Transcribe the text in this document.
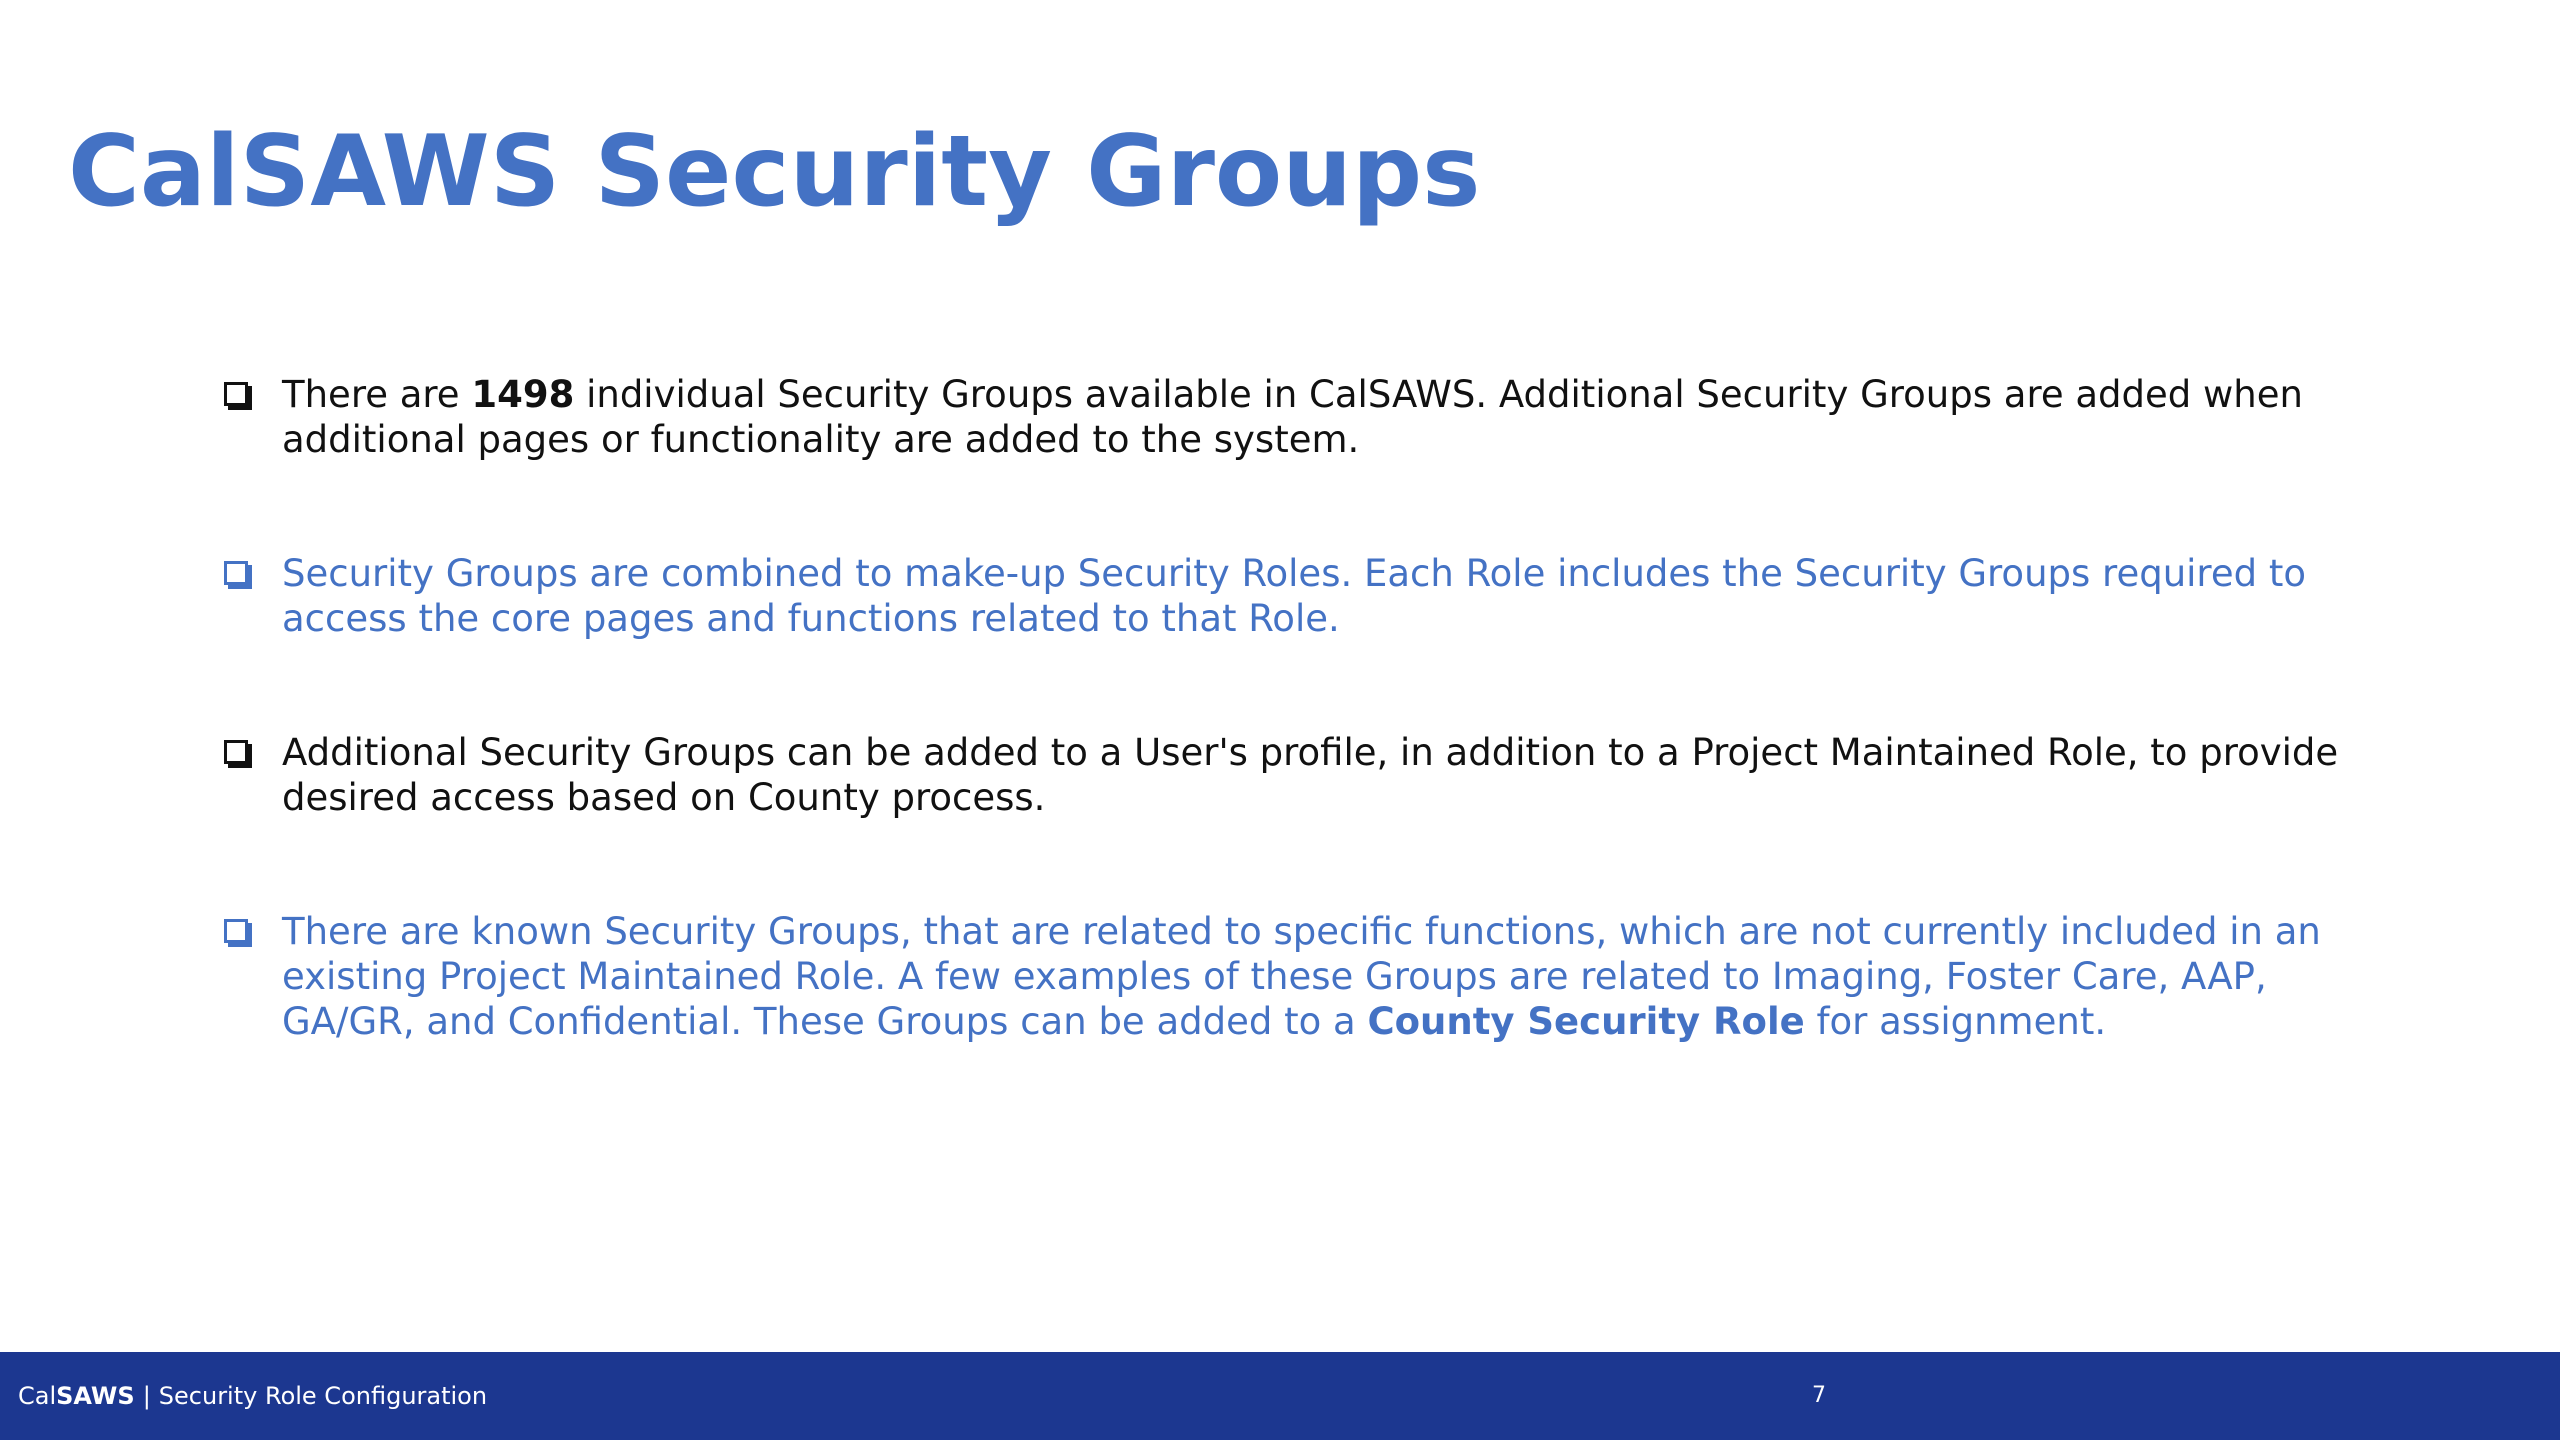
CalSAWS Security Groups
There are 1498 individual Security Groups available in CalSAWS. Additional Security Groups are added when additional pages or functionality are added to the system.
Security Groups are combined to make-up Security Roles. Each Role includes the Security Groups required to access the core pages and functions related to that Role.
Additional Security Groups can be added to a User's profile, in addition to a Project Maintained Role, to provide desired access based on County process.
There are known Security Groups, that are related to specific functions, which are not currently included in an existing Project Maintained Role. A few examples of these Groups are related to Imaging, Foster Care, AAP, GA/GR, and Confidential. These Groups can be added to a County Security Role for assignment.
CalSAWS | Security Role Configuration	7
